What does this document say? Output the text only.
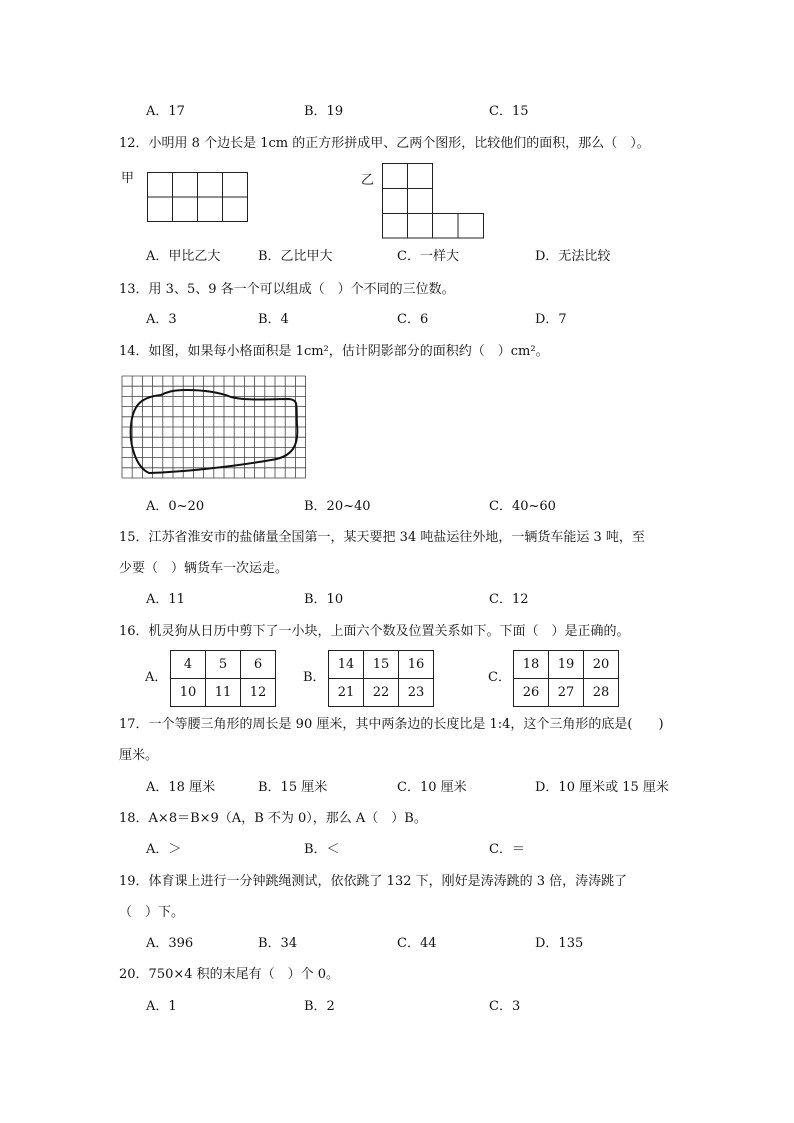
A．17	B．19	C．15
12．小明用 8 个边长是 1cm 的正方形拼成甲、乙两个图形，比较他们的面积，那么（　）。
甲	乙
A．甲比乙大	B．乙比甲大	C．一样大	D．无法比较
13．用 3、5、9 各一个可以组成（　）个不同的三位数。
A．3	B．4	C．6	D．7
14．如图，如果每小格面积是 1cm²，估计阴影部分的面积约（　）cm²。
A．0~20	B．20~40	C．40~60
15．江苏省淮安市的盐储量全国第一，某天要把 34 吨盐运往外地，一辆货车能运 3 吨，至
少要（　）辆货车一次运走。
A．11	B．10	C．12
16．机灵狗从日历中剪下了一小块，上面六个数及位置关系如下。下面（　）是正确的。
A．
4	5	6
10	11	12
B．
14	15	16
21	22	23
C．
18	19	20
26	27	28
17．一个等腰三角形的周长是 90 厘米，其中两条边的长度比是 1:4，这个三角形的底是(　　)
厘米。
A．18 厘米	B．15 厘米	C．10 厘米	D．10 厘米或 15 厘米
18．A×8＝B×9（A，B 不为 0），那么 A（　）B。
A．＞	B．＜	C．＝
19．体育课上进行一分钟跳绳测试，依依跳了 132 下，刚好是涛涛跳的 3 倍，涛涛跳了
（　）下。
A．396	B．34	C．44	D．135
20．750×4 积的末尾有（　）个 0。
A．1	B．2	C．3
